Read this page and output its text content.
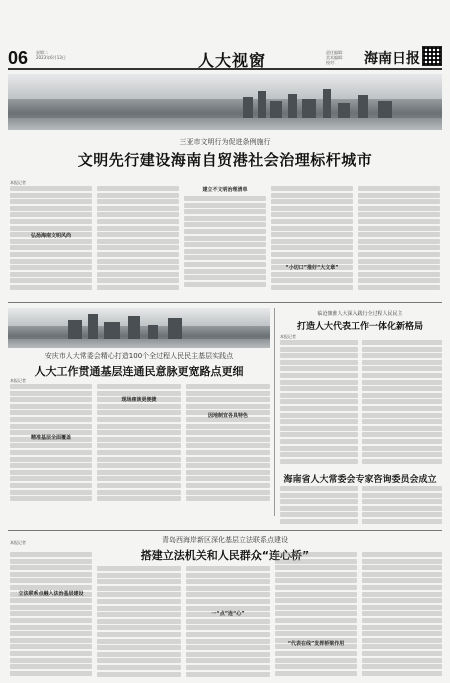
06 星期二
2023年6月13日	人大视窗	责任编辑：
美术编辑：
校对：	海南日报
三亚市文明行为促进条例施行
文明先行建设海南自贸港社会治理标杆城市
本报记者
弘扬海南文明风尚
建立不文明治理清单
“小切口”推好“大文章”
安庆市人大常委会精心打造100个全过程人民民主基层实践点
人大工作贯通基层连通民意脉更宽路点更细
本报记者
精准基层全面覆盖
现场座谈更便捷
因地制宜各具特色
临沧旗淮人大深入践行全过程人民民主
打造人大代表工作一体化新格局
本报记者
海南省人大常委会专家咨询委员会成立
本报记者	青岛西海岸新区深化基层立法联系点建设
搭建立法机关和人民群众“连心桥”
立法联系点融入法治基层建设
一“点”连“心”
“代表在线”发挥桥梁作用
